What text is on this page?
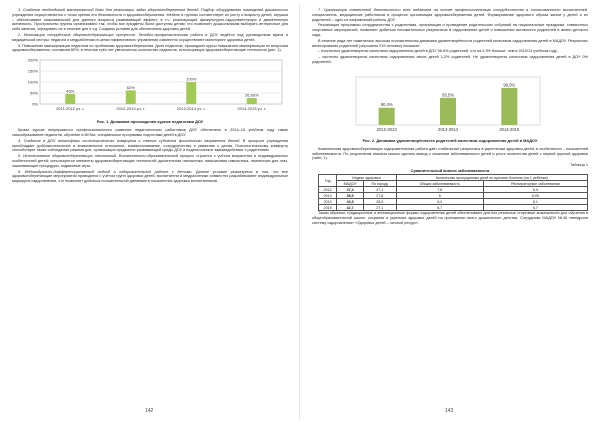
3. Создание необходимой материальной базы для реализации задач здоровьесбережения детей. Подбор оборудования помещений дошкольного учреждения осуществляется с точки зрения его безопасности и здоровьесбережения. Мебель в группах соответствует их росту и возрасту детей, игрушки – обеспечивают максимальный для данного возраста развивающий эффект; в т.ч. реализующий физкультурно-оздоровительную и двигательную активность. Пространство группы организовано так, чтобы все предметы были доступны детям; что позволяет дошкольникам выбирать интересные для себя занятия, чередовать их в течение дня и т.д. Созданы условия для обеспечения здоровья детей.

2. Мотивация сотрудников здоровьесберегающих процессов. Лечебно-профилактическая работа в ДОУ ведётся под руководством врача и медицинской сестры; педагоги и медработники в целях эффективного управления совместно осуществляют мониторинг здоровья детей.

3. Повышение квалификации педагогов по проблемам здоровьесбережения. Доля педагогов, прошедших курсы повышения квалификации по вопросам здоровьесбережения, составила 60%; в течение трёх лет увеличилось количество педагогов, использующих здоровьесберегающие технологии (рис. 1).

0%
50%
100%
150%
200%
46%
2011-2012 уч. г.
62%
2012-2013 уч. г.
100%
2013-2014 уч. г.
26,86%
2014-2015 уч. г.
Рис. 1. Динамика прохождения курсов педагогами ДОУ

Кроме курсов непрерывного профессионального развития педагогических работников ДОУ обеспечено в 2014–15 учебном году также самообразование педагогов, обучение в ВУЗах, специальные программы подготовки детей в ДОУ.

4. Создание в ДОУ атмосферы психологического комфорта и снятие субъекта физического напряжения детей. В процессе учреждения преобладает доброжелательное и внимательное отношение, взаимопонимание, сотрудничество и уважение к детям. Психологическому комфорту способствует также соблюдение режима дня, организация предметно-развивающей среды ДОУ и педагогическое взаимодействие с родителями.

5. Использование здоровьесберегающих технологий. Воспитательно-образовательный процесс строится с учётом возрастных и индивидуальных особенностей детей; используются элементы здоровьесберегающих технологий: дыхательная гимнастика, пальчиковая гимнастика, гимнастика для глаз, закаливающие процедуры, подвижные игры.

6. Индивидуально-дифференцированный подход в оздоровительной работе с детьми. Данное условие реализуется в том, что все здоровьесберегающие мероприятия проводятся с учётом групп здоровья детей; воспитатели и медработники совместно разрабатывают индивидуальные маршруты оздоровления, что позволяет добиться положительной динамики в показателях здоровья воспитанников.

142

7. Организация совместной деятельности всех педагогов на основе профессионального сотрудничества и согласованности воспитателей, специалистов, медицинских работников в процессе организации здоровьесбережения детей. Формирование здорового образа жизни у детей и их родителей – одно из направлений работы ДОУ.

Реализация программы сотрудничества с родителями, организация и проведение родительских собраний на национальные праздники, совместных спортивных мероприятий, позволяет добиться положительных результатов в оздоровлении детей и повышении активности родителей в жизни детского сада.

В течение ряда лет наметилась высокая положительная динамика удовлетворённости родителей качеством оздоровления детей в МАДОУ. Результаты анкетирования родителей (опрошено 219 человек) показали:

– полностью удовлетворены качеством оздоровления детей в ДОУ 96,6% родителей, что на 0,3% больше, чем в 2013/14 учебном году;

– частично удовлетворены качеством оздоровления своих детей 1,2% родителей. Не удовлетворены качеством оздоровления детей в ДОУ 0% родителей.

90,4%
2012-2013
93,5%
2013-2014
96,6%
2014-2015
Рис. 2. Динамика удовлетворённости родителей качеством оздоровления детей в МАДОУ

Комплексная здоровьесберегающая оздоровительная работа даёт стабильные результаты в укреплении здоровья детей; в особенности – показателей заболеваемости. По результатам анализа можно сделать вывод о снижении заболеваемости детей и росте количества детей с первой группой здоровья (табл. 1).

Таблица 1
Сравнительный анализ заболеваемости
Год	Индекс здоровья		Количество пропущенных дней по причине болезни (на 1 ребёнка)	
	МАДОУ	По городу	Общая заболеваемость	Респираторные заболевания
2012	37,4	27,1	7,8	6,9
2013	38,5	27,8	8	6,95
2014	43,5	28,5	6,3	6,1
2015	42,7	27,1	6,7	6,7

Таким образом, традиционные и инновационные формы оздоровления детей обеспечивают для них реальные стартовые возможности для обучения в общеобразовательной школе, сохраняя и укрепляя здоровье детей на протяжении всего дошкольного детства. Сотрудники МАДОУ №46 «внедрили систему оздоровления» «Здоровье детей – личный ресурс».

143
